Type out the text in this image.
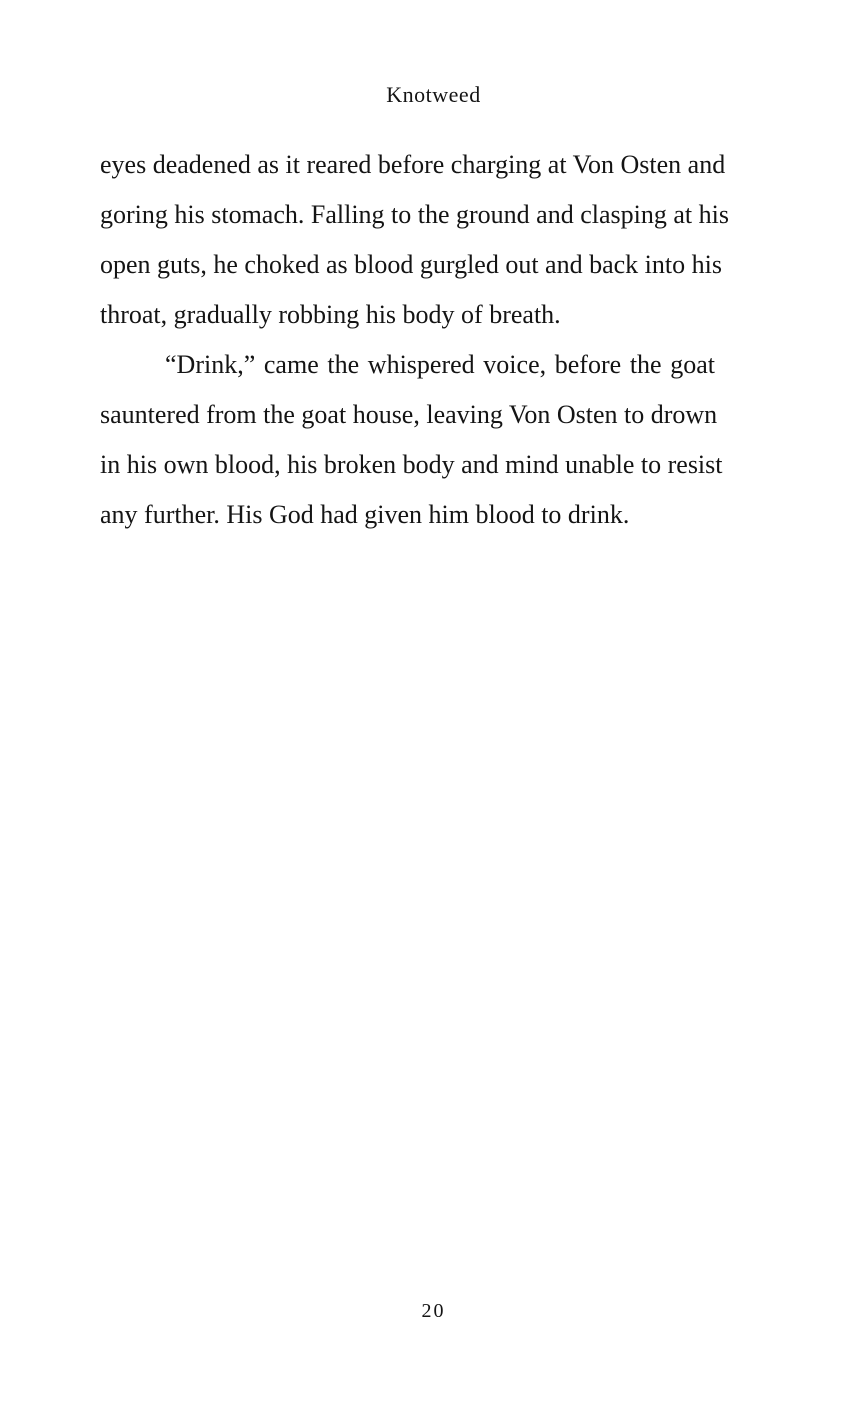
Knotweed
eyes deadened as it reared before charging at Von Osten and
goring his stomach. Falling to the ground and clasping at his
open guts, he choked as blood gurgled out and back into his
throat, gradually robbing his body of breath.
“Drink,” came the whispered voice, before the goat
sauntered from the goat house, leaving Von Osten to drown
in his own blood, his broken body and mind unable to resist
any further. His God had given him blood to drink.
20
